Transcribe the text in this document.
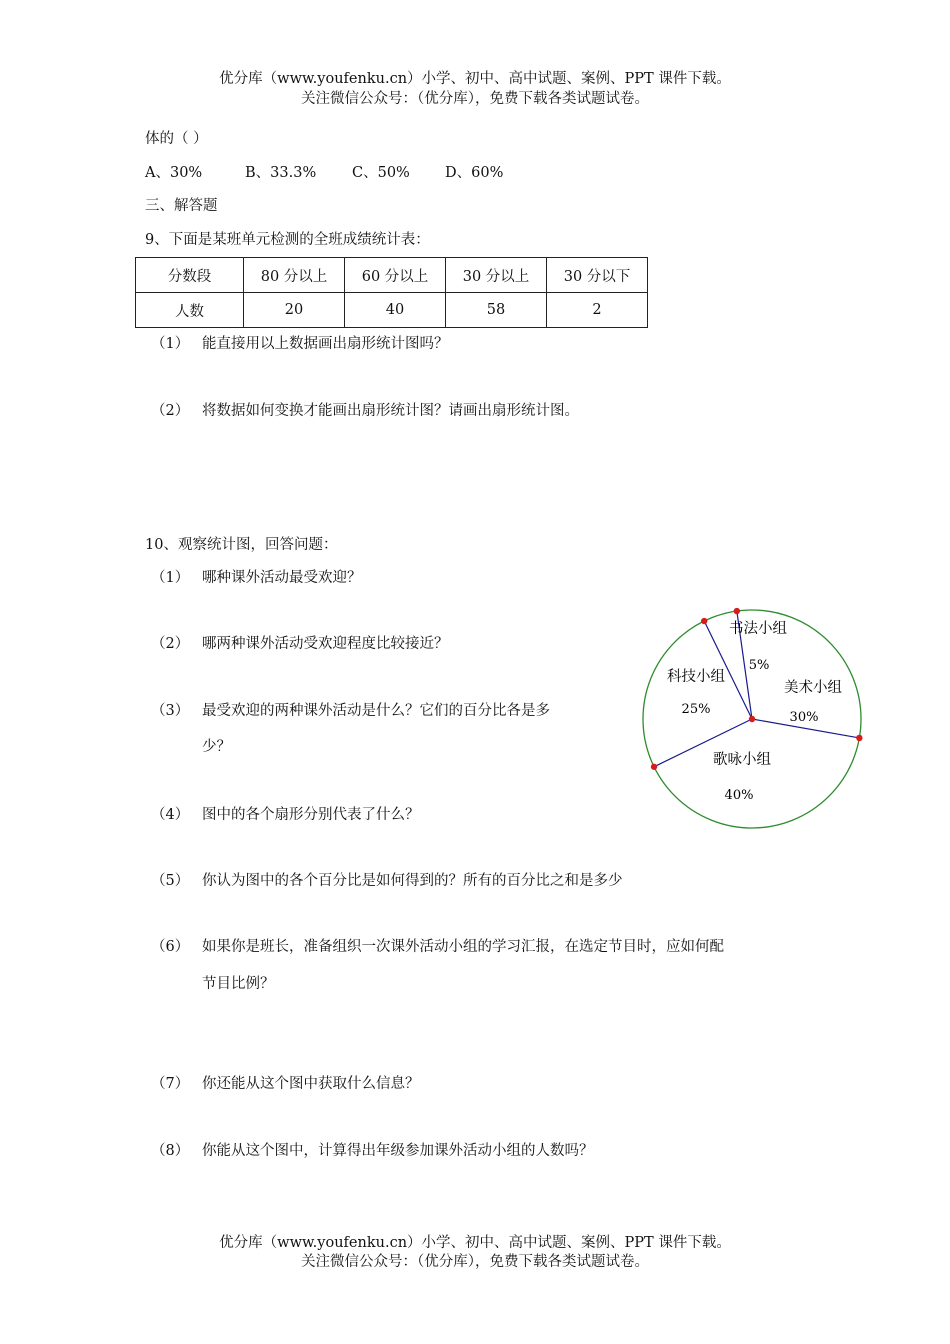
优分库（www.youfenku.cn）小学、初中、高中试题、案例、PPT 课件下载。
关注微信公众号：（优分库），免费下载各类试题试卷。
体的（ ）
A、30%	B、33.3% C、50% D、60%
三、解答题
9、下面是某班单元检测的全班成绩统计表：
分数段	80 分以上	60 分以上	30 分以上	30 分以下
人数	20	40	58	2
（1） 能直接用以上数据画出扇形统计图吗？
（2） 将数据如何变换才能画出扇形统计图？请画出扇形统计图。
10、观察统计图，回答问题：
（1） 哪种课外活动最受欢迎？
（2） 哪两种课外活动受欢迎程度比较接近？
（3） 最受欢迎的两种课外活动是什么？它们的百分比各是多
少？
（4） 图中的各个扇形分别代表了什么？
（5） 你认为图中的各个百分比是如何得到的？所有的百分比之和是多少
（6） 如果你是班长，准备组织一次课外活动小组的学习汇报，在选定节目时，应如何配
节目比例？
（7） 你还能从这个图中获取什么信息？
（8） 你能从这个图中，计算得出年级参加课外活动小组的人数吗？
书法小组
5%
美术小组
30%
歌咏小组
40%
科技小组
25%
优分库（www.youfenku.cn）小学、初中、高中试题、案例、PPT 课件下载。
关注微信公众号：（优分库），免费下载各类试题试卷。
